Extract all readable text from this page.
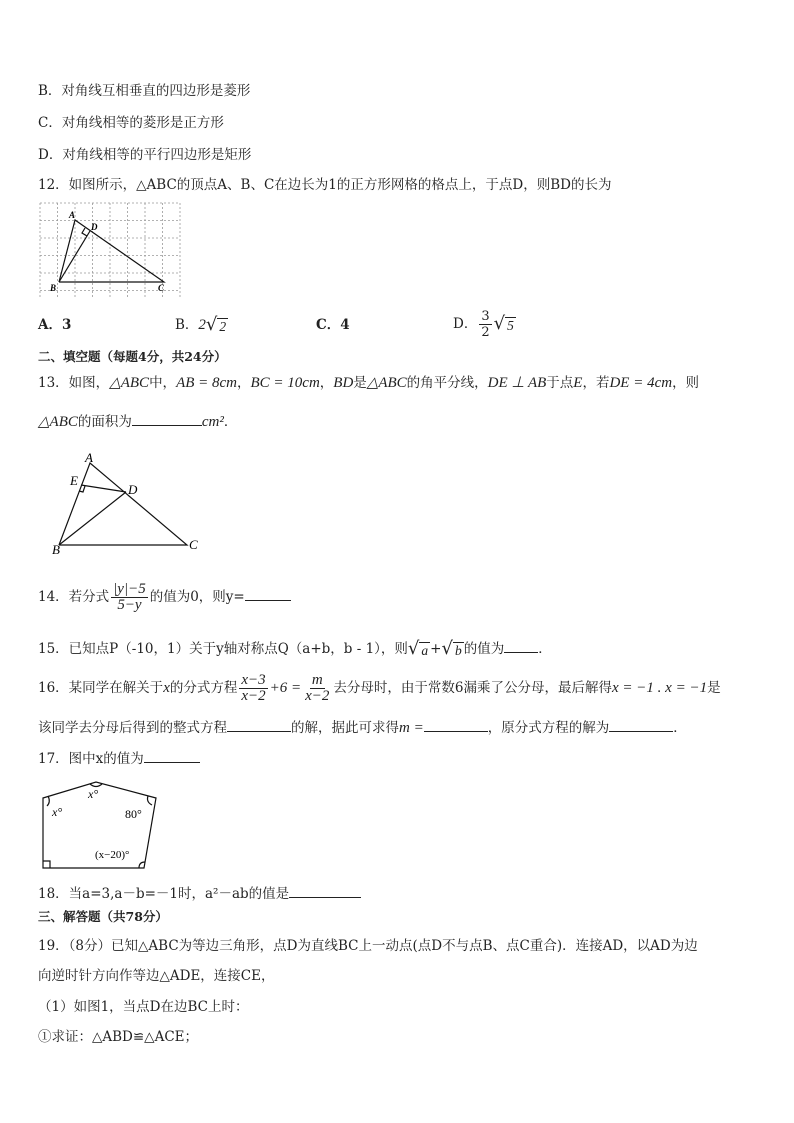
B．对角线互相垂直的四边形是菱形
C．对角线相等的菱形是正方形
D．对角线相等的平行四边形是矩形
12．如图所示，△ABC的顶点A、B、C在边长为1的正方形网格的格点上，于点D，则BD的长为
A
D
B	C
A．3	B．2 √ 2	C．4	D． $\frac{3}{2}$ √ 5
二、填空题（每题4分，共24分）
13．如图，△ABC中，AB = 8cm，BC = 10cm，BD是△ABC的角平分线，DE ⊥ AB于点E，若DE = 4cm，则
△ABC的面积为	cm²．
A
E
D
B	C
14．若分式 $\frac{|y|-5}{5-y}$ 的值为0，则y=
15．已知点P（-10，1）关于y轴对称点Q（a+b，b - 1），则 √ a + √ b 的值为	．
16．某同学在解关于x的分式方程 $\frac{x-3}{x-2} +6 = \frac{m}{x-2}$ 去分母时，由于常数6漏乘了公分母，最后解得x = −1 . x = −1是
该同学去分母后得到的整式方程	的解，据此可求得m =	，原分式方程的解为	．
17．图中x的值为
x°
x°
80°
(x−20)°
18．当a=3,a－b=－1时，a²－ab的值是
三、解答题（共78分）
19．（8分）已知△ABC为等边三角形，点D为直线BC上一动点(点D不与点B、点C重合)．连接AD，以AD为边
向逆时针方向作等边△ADE，连接CE，
（1）如图1，当点D在边BC上时：
①求证：△ABD≌△ACE；
